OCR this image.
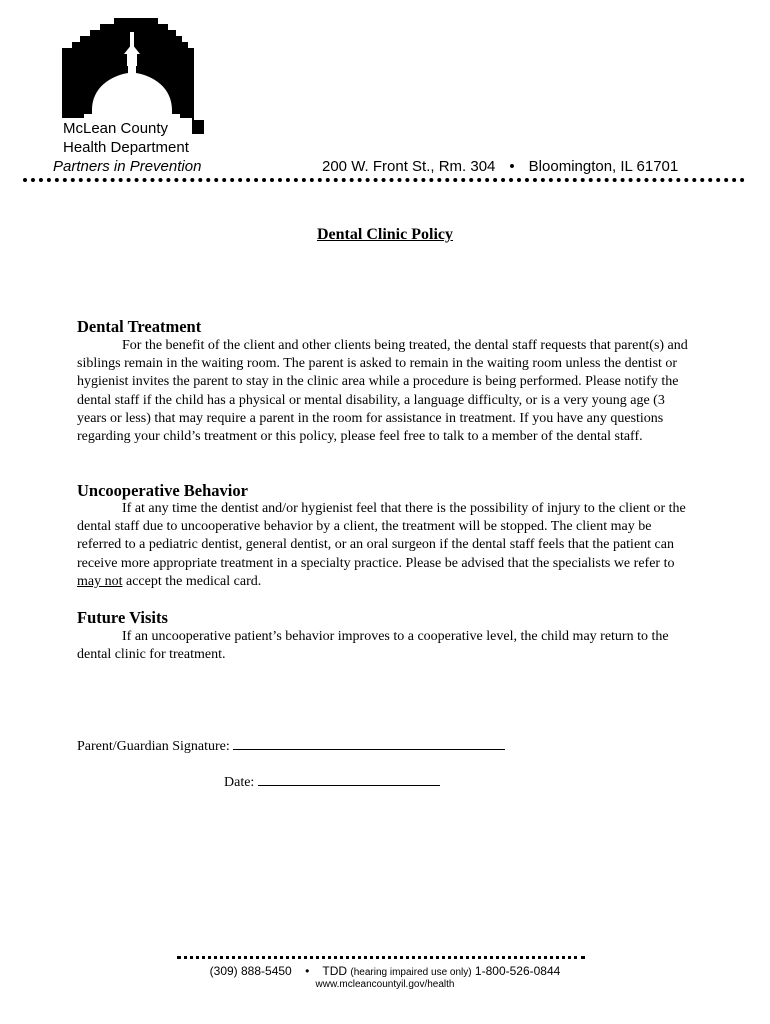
McLean County
Health Department
Partners in Prevention	200 W. Front St., Rm. 304 • Bloomington, IL 61701
Dental Clinic Policy
Dental Treatment
For the benefit of the client and other clients being treated, the dental staff requests that parent(s) and siblings remain in the waiting room. The parent is asked to remain in the waiting room unless the dentist or hygienist invites the parent to stay in the clinic area while a procedure is being performed. Please notify the dental staff if the child has a physical or mental disability, a language difficulty, or is a very young age (3 years or less) that may require a parent in the room for assistance in treatment. If you have any questions regarding your child’s treatment or this policy, please feel free to talk to a member of the dental staff.
Uncooperative Behavior
If at any time the dentist and/or hygienist feel that there is the possibility of injury to the client or the dental staff due to uncooperative behavior by a client, the treatment will be stopped. The client may be referred to a pediatric dentist, general dentist, or an oral surgeon if the dental staff feels that the patient can receive more appropriate treatment in a specialty practice. Please be advised that the specialists we refer to may not accept the medical card.
Future Visits
If an uncooperative patient’s behavior improves to a cooperative level, the child may return to the dental clinic for treatment.
Parent/Guardian Signature:
Date:
(309) 888-5450 • TDD (hearing impaired use only) 1-800-526-0844
www.mcleancountyil.gov/health
